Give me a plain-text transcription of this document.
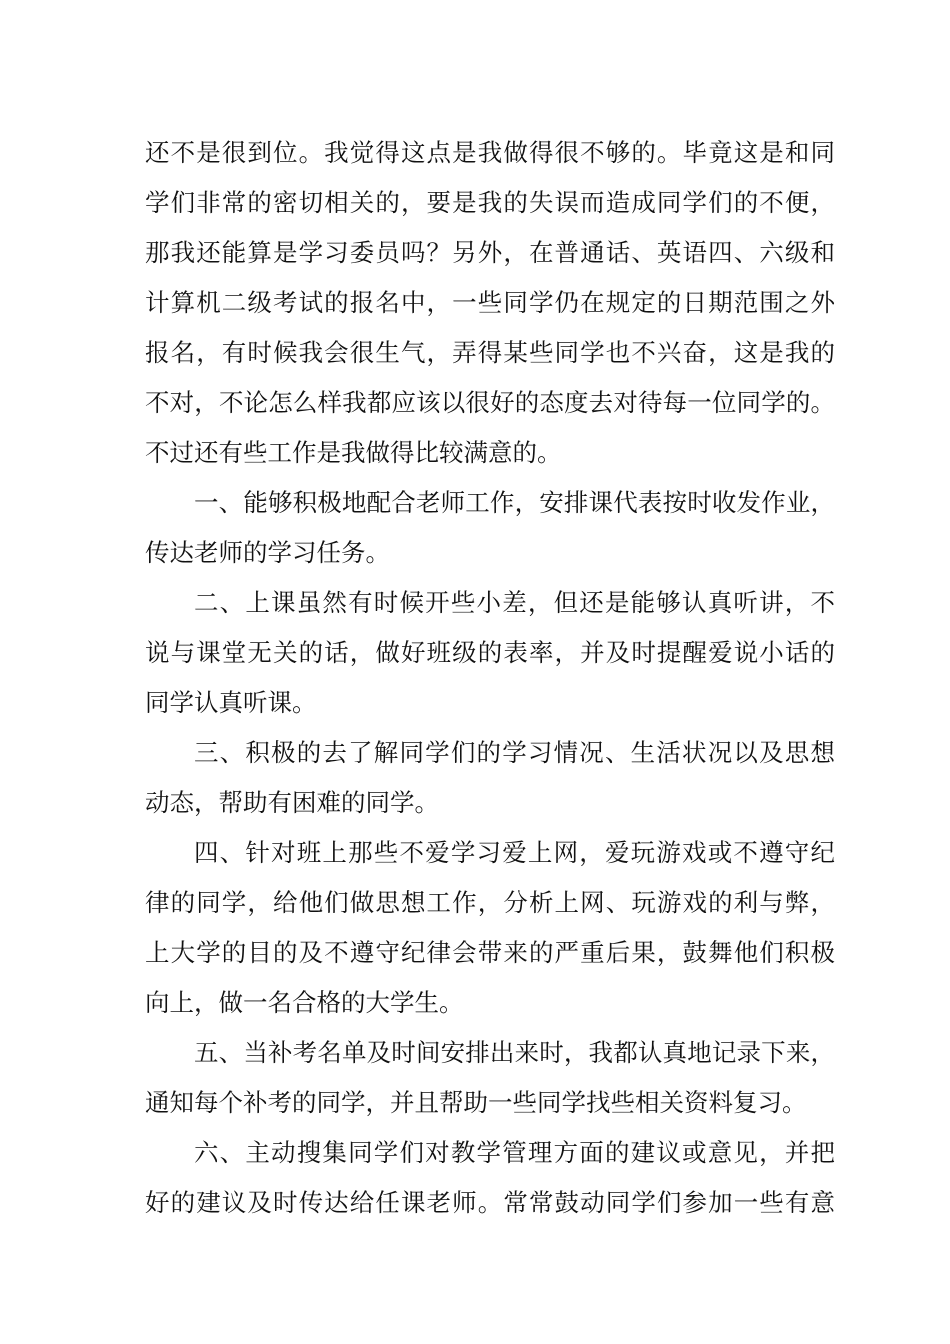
还不是很到位。我觉得这点是我做得很不够的。毕竟这是和同
学们非常的密切相关的，要是我的失误而造成同学们的不便，
那我还能算是学习委员吗？另外，在普通话、英语四、六级和
计算机二级考试的报名中，一些同学仍在规定的日期范围之外
报名，有时候我会很生气，弄得某些同学也不兴奋，这是我的
不对，不论怎么样我都应该以很好的态度去对待每一位同学的。
不过还有些工作是我做得比较满意的。
一、能够积极地配合老师工作，安排课代表按时收发作业，
传达老师的学习任务。
二、上课虽然有时候开些小差，但还是能够认真听讲，不
说与课堂无关的话，做好班级的表率，并及时提醒爱说小话的
同学认真听课。
三、积极的去了解同学们的学习情况、生活状况以及思想
动态，帮助有困难的同学。
四、针对班上那些不爱学习爱上网，爱玩游戏或不遵守纪
律的同学，给他们做思想工作，分析上网、玩游戏的利与弊，
上大学的目的及不遵守纪律会带来的严重后果，鼓舞他们积极
向上，做一名合格的大学生。
五、当补考名单及时间安排出来时，我都认真地记录下来，
通知每个补考的同学，并且帮助一些同学找些相关资料复习。
六、主动搜集同学们对教学管理方面的建议或意见，并把
好的建议及时传达给任课老师。常常鼓动同学们参加一些有意
